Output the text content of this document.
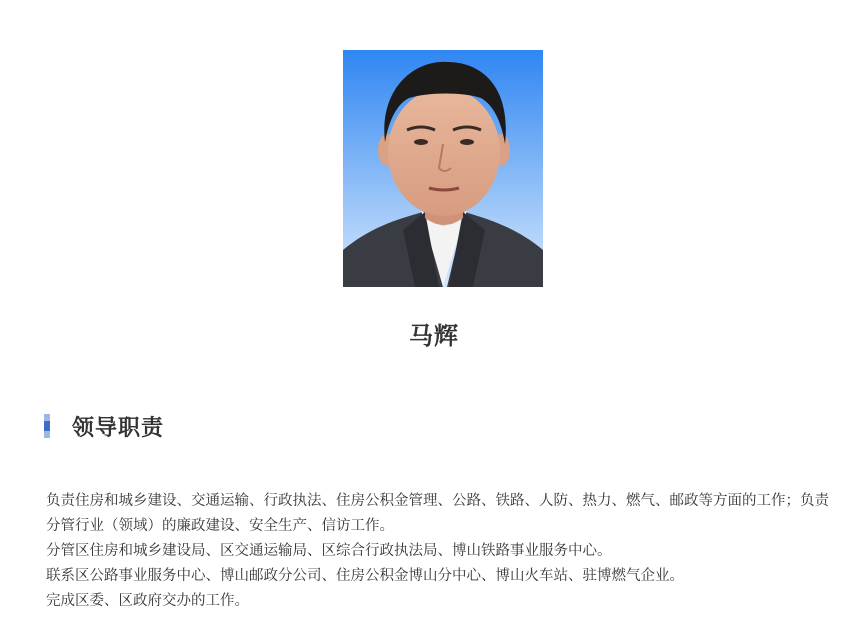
马辉
领导职责

负责住房和城乡建设、交通运输、行政执法、住房公积金管理、公路、铁路、人防、热力、燃气、邮政等方面的工作；负责分管行业（领域）的廉政建设、安全生产、信访工作。

分管区住房和城乡建设局、区交通运输局、区综合行政执法局、博山铁路事业服务中心。

联系区公路事业服务中心、博山邮政分公司、住房公积金博山分中心、博山火车站、驻博燃气企业。

完成区委、区政府交办的工作。
